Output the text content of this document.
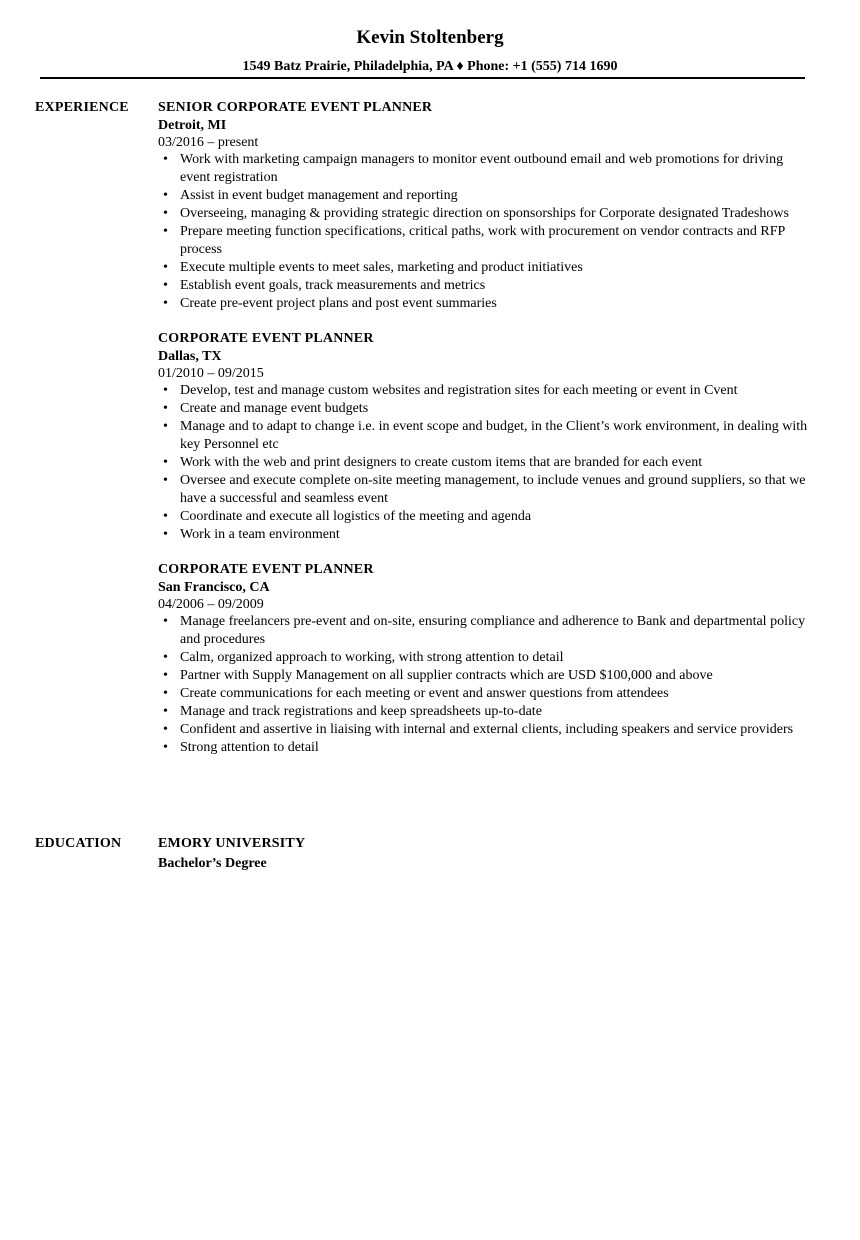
Kevin Stoltenberg
1549 Batz Prairie, Philadelphia, PA ♦ Phone: +1 (555) 714 1690
EXPERIENCE SENIOR CORPORATE EVENT PLANNER
Detroit, MI
03/2016 – present
• Work with marketing campaign managers to monitor event outbound email and web promotions for driving event registration
• Assist in event budget management and reporting
• Overseeing, managing & providing strategic direction on sponsorships for Corporate designated Tradeshows
• Prepare meeting function specifications, critical paths, work with procurement on vendor contracts and RFP process
• Execute multiple events to meet sales, marketing and product initiatives
• Establish event goals, track measurements and metrics
• Create pre-event project plans and post event summaries
CORPORATE EVENT PLANNER
Dallas, TX
01/2010 – 09/2015
• Develop, test and manage custom websites and registration sites for each meeting or event in Cvent
• Create and manage event budgets
• Manage and to adapt to change i.e. in event scope and budget, in the Client’s work environment, in dealing with key Personnel etc
• Work with the web and print designers to create custom items that are branded for each event
• Oversee and execute complete on-site meeting management, to include venues and ground suppliers, so that we have a successful and seamless event
• Coordinate and execute all logistics of the meeting and agenda
• Work in a team environment
CORPORATE EVENT PLANNER
San Francisco, CA
04/2006 – 09/2009
• Manage freelancers pre-event and on-site, ensuring compliance and adherence to Bank and departmental policy and procedures
• Calm, organized approach to working, with strong attention to detail
• Partner with Supply Management on all supplier contracts which are USD $100,000 and above
• Create communications for each meeting or event and answer questions from attendees
• Manage and track registrations and keep spreadsheets up-to-date
• Confident and assertive in liaising with internal and external clients, including speakers and service providers
• Strong attention to detail
EDUCATION	EMORY UNIVERSITY
Bachelor’s Degree
